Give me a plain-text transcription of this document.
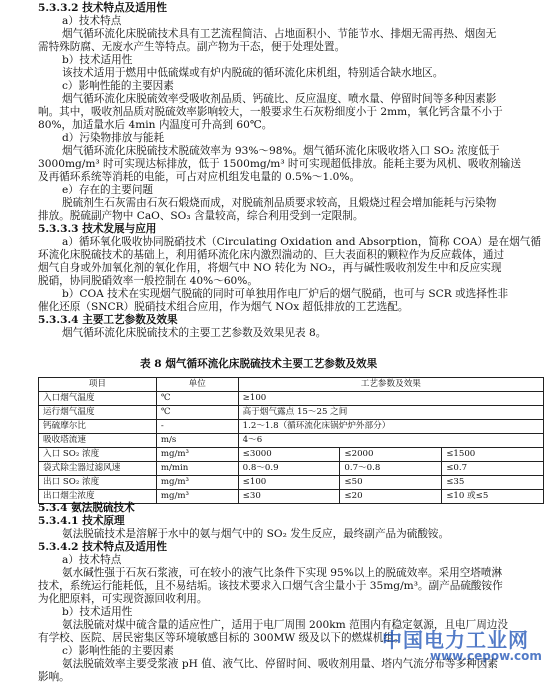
5.3.3.2 技术特点及适用性
a）技术特点
烟气循环流化床脱硫技术具有工艺流程简洁、占地面积小、节能节水、排烟无需再热、烟囱无
需特殊防腐、无废水产生等特点。副产物为干态，便于处理处置。
b）技术适用性
该技术适用于燃用中低硫煤或有炉内脱硫的循环流化床机组，特别适合缺水地区。
c）影响性能的主要因素
烟气循环流化床脱硫效率受吸收剂品质、钙硫比、反应温度、喷水量、停留时间等多种因素影
响。其中，吸收剂品质对脱硫效率影响较大，一般要求生石灰粉细度小于 2mm，氧化钙含量不小于
80%，加适量水后 4min 内温度可升高到 60℃。
d）污染物排放与能耗
烟气循环流化床脱硫技术脱硫效率为 93%～98%。烟气循环流化床吸收塔入口 SO₂ 浓度低于
3000mg/m³ 时可实现达标排放，低于 1500mg/m³ 时可实现超低排放。能耗主要为风机、吸收剂输送
及再循环系统等消耗的电能，可占对应机组发电量的 0.5%～1.0%。
e）存在的主要问题
脱硫剂生石灰需由石灰石煅烧而成，对脱硫剂品质要求较高，且煅烧过程会增加能耗与污染物
排放。脱硫副产物中 CaO、SO₃ 含量较高，综合利用受到一定限制。
5.3.3.3 技术发展与应用
a）循环氧化吸收协同脱硝技术（Circulating Oxidation and Absorption，简称 COA）是在烟气循
环流化床脱硫技术的基础上，利用循环流化床内激烈湍动的、巨大表面积的颗粒作为反应载体，通过
烟气自身或外加氧化剂的氧化作用，将烟气中 NO 转化为 NO₂，再与碱性吸收剂发生中和反应实现
脱硝，协同脱硝效率一般控制在 40%～60%。
b）COA 技术在实现烟气脱硫的同时可单独用作电厂炉后的烟气脱硝，也可与 SCR 或选择性非
催化还原（SNCR）脱硝技术组合应用，作为烟气 NOx 超低排放的工艺选配。
5.3.3.4 主要工艺参数及效果
烟气循环流化床脱硫技术的主要工艺参数及效果见表 8。
表 8 烟气循环流化床脱硫技术主要工艺参数及效果
项目	单位	工艺参数及效果		
入口烟气温度	℃	≥100		
运行烟气温度	℃	高于烟气露点 15～25 之间		
钙硫摩尔比	-	1.2～1.8（循环流化床锅炉炉外部分）		
吸收塔流速	m/s	4～6		
入口 SO₂ 浓度	mg/m³	≤3000	≤2000	≤1500
袋式除尘器过滤风速	m/min	0.8～0.9	0.7～0.8	≤0.7
出口 SO₂ 浓度	mg/m³	≤100	≤50	≤35
出口烟尘浓度	mg/m³	≤30	≤20	≤10 或≤5
5.3.4 氨法脱硫技术
5.3.4.1 技术原理
氨法脱硫技术是溶解于水中的氨与烟气中的 SO₂ 发生反应，最终副产品为硫酸铵。
5.3.4.2 技术特点及适用性
a）技术特点
氨水碱性强于石灰石浆液，可在较小的液气比条件下实现 95%以上的脱硫效率。采用空塔喷淋
技术，系统运行能耗低，且不易结垢。该技术要求入口烟气含尘量小于 35mg/m³。副产品硫酸铵作
为化肥原料，可实现资源回收利用。
b）技术适用性
氨法脱硫对煤中硫含量的适应性广，适用于电厂周围 200km 范围内有稳定氨源，且电厂周边没
有学校、医院、居民密集区等环境敏感目标的 300MW 级及以下的燃煤机组。
c）影响性能的主要因素
氨法脱硫效率主要受浆液 pH 值、液气比、停留时间、吸收剂用量、塔内气流分布等多种因素
影响。
中国电力工业网
www.cepow.com
